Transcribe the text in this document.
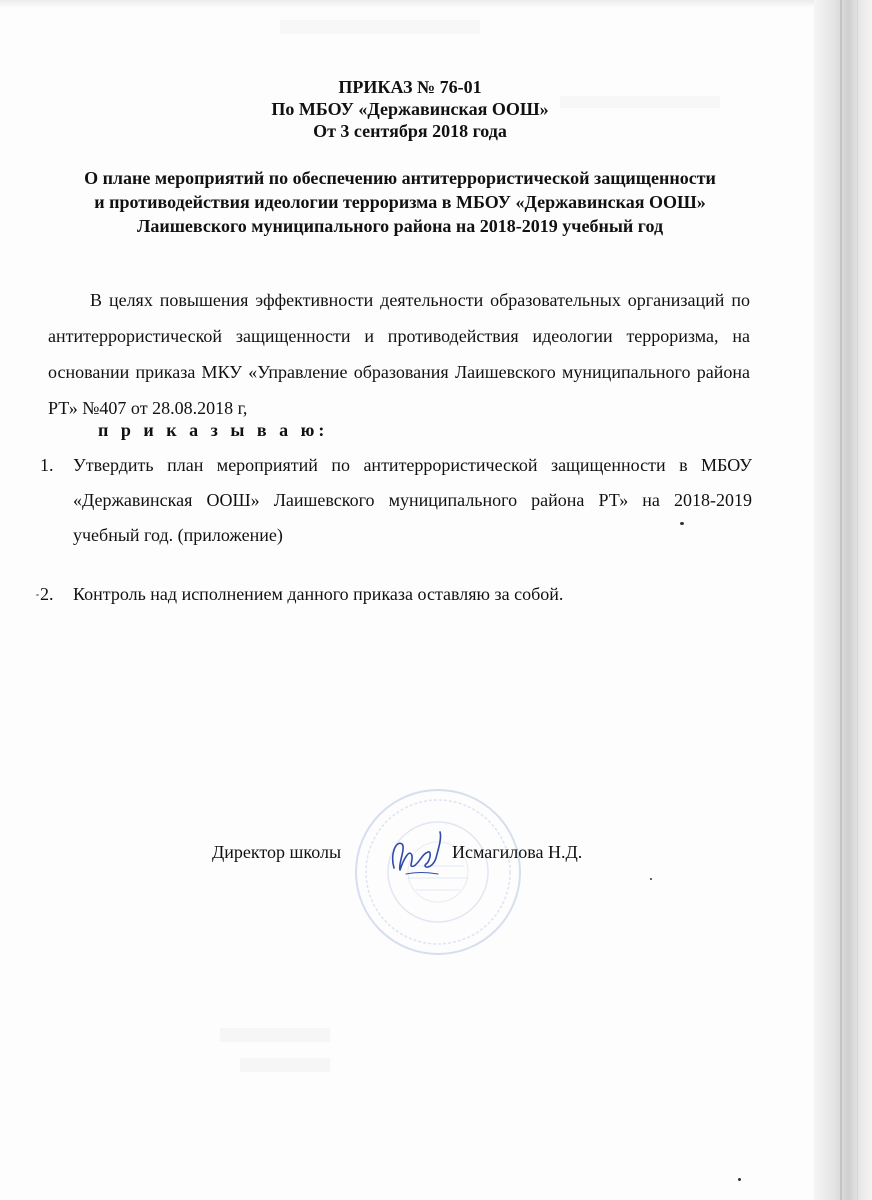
ПРИКАЗ № 76-01
По МБОУ «Державинская ООШ»
От 3 сентября 2018 года
О плане мероприятий по обеспечению антитеррористической защищенности
и противодействия идеологии терроризма в МБОУ «Державинская ООШ»
Лаишевского муниципального района на 2018-2019 учебный год
В целях повышения эффективности деятельности образовательных организаций по антитеррористической защищенности и противодействия идеологии терроризма, на основании приказа МКУ «Управление образования Лаишевского муниципального района РТ» №407 от 28.08.2018 г,
п р и к а з ы в а ю:
1. Утвердить план мероприятий по антитеррористической защищенности в МБОУ «Державинская ООШ» Лаишевского муниципального района РТ» на 2018-2019 учебный год. (приложение)
2. Контроль над исполнением данного приказа оставляю за собой.
Директор школы	Исмагилова Н.Д.
